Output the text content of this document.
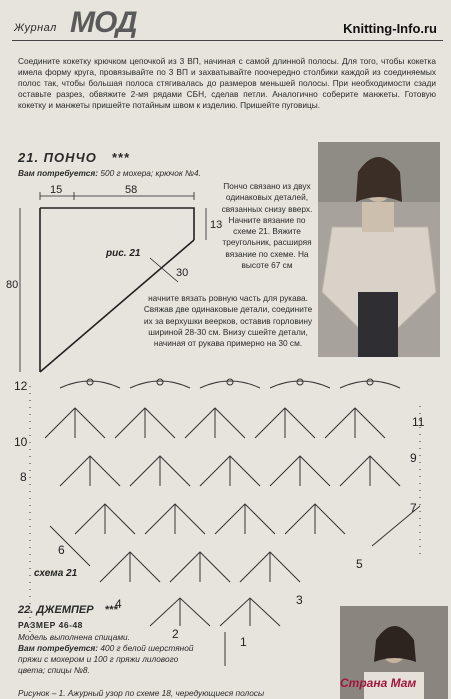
Журнал МОД	Knitting-Info.ru
Соедините кокетку крючком цепочкой из 3 ВП, начиная с самой длинной полосы. Для того, чтобы кокетка имела форму круга, провязывайте по 3 ВП и захватывайте поочередно столбики каждой из соединяемых полос так, чтобы большая полоса стягивалась до размеров меньшей полосы. При необходимости сзади оставьте разрез, обвяжите 2-мя рядами СБН, сделав петли. Аналогично соберите манжеты. Готовую кокетку и манжеты пришейте потайным швом к изделию. Пришейте пуговицы.
21. ПОНЧО ***
Вам потребуется: 500 г мохера; крючок №4.
15	58
13
80
30
рис. 21
Пончо связано из двух одинаковых деталей, связанных снизу вверх. Начните вязание по схеме 21. Вяжите треугольник, расширяя вязание по схеме. На высоте 67 см
начните вязать ровную часть для рукава. Свяжав две одинаковые детали, соедините их за верхушки веерков, оставив горловину шириной 28-30 см. Внизу сшейте детали, начиная от рукава примерно на 30 см.
12
10
8
6
4
2
11
9
7
5
3
1
схема 21
22. ДЖЕМПЕР ***
РАЗМЕР 46-48
Модель выполнена спицами.
Вам потребуется: 400 г белой шерстяной пряжи с мохером и 100 г пряжи лилового цвета; спицы №8.
Рисунок – 1. Ажурный узор по схеме 18, чередующиеся полосы
Страна Мам
